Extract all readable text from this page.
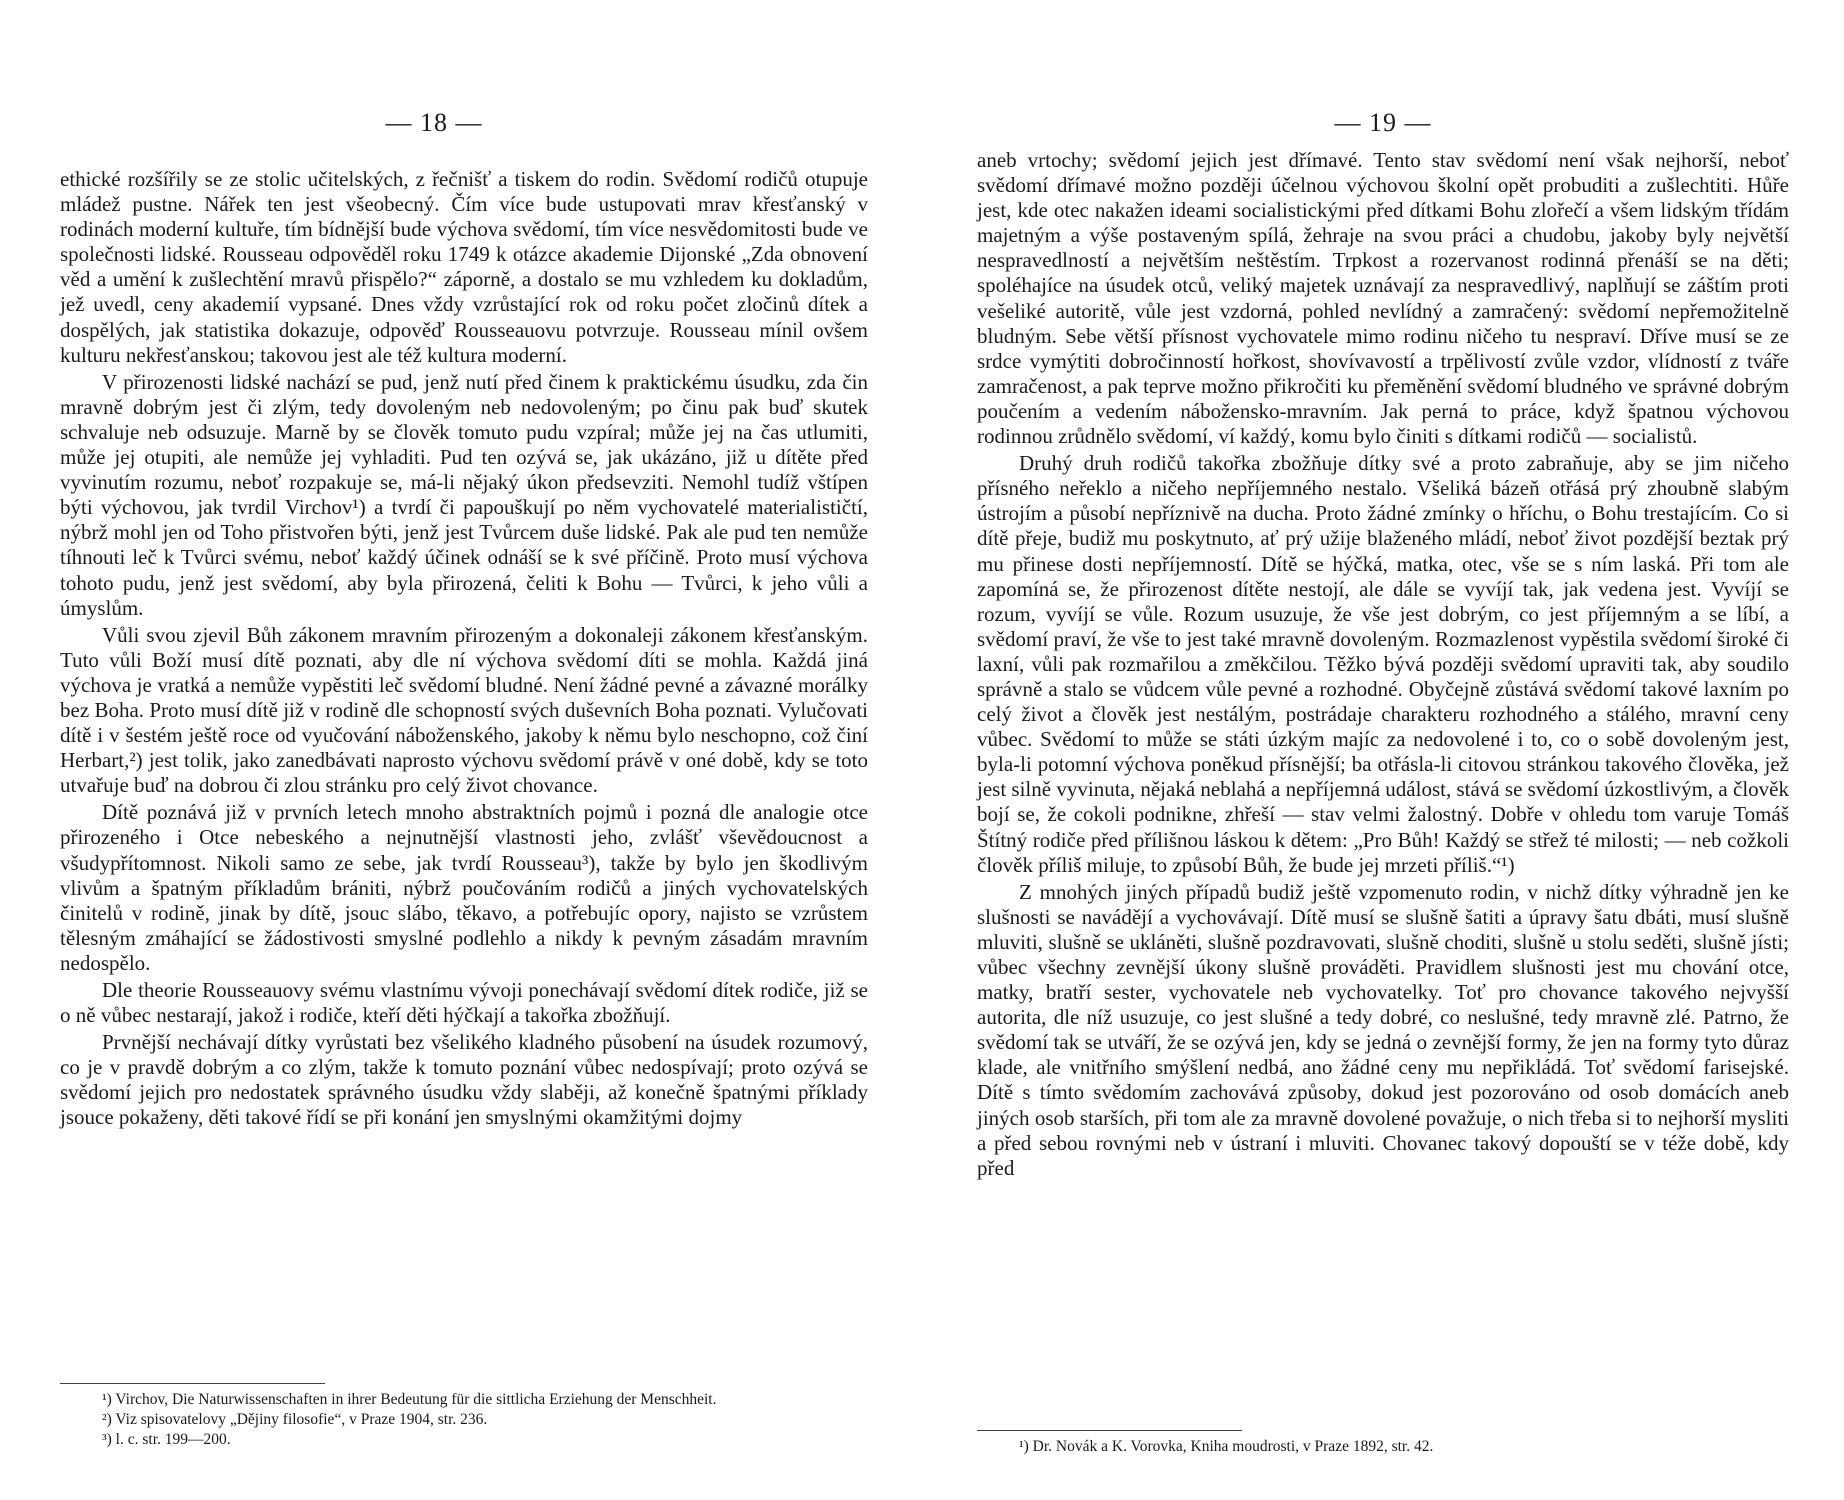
— 18 —

ethické rozšířily se ze stolic učitelských, z řečnišť a tiskem do rodin. Svědomí rodičů otupuje mládež pustne. Nářek ten jest všeobecný. Čím více bude ustupovati mrav křesťanský v rodinách moderní kultuře, tím bídnější bude výchova svědomí, tím více nesvědomitosti bude ve společnosti lidské. Rousseau odpověděl roku 1749 k otázce akademie Dijonské „Zda obnovení věd a umění k zušlechtění mravů přispělo?“ záporně, a dostalo se mu vzhledem ku dokladům, jež uvedl, ceny akademií vypsané. Dnes vždy vzrůstající rok od roku počet zločinů dítek a dospělých, jak statistika dokazuje, odpověď Rousseauovu potvrzuje. Rousseau mínil ovšem kulturu nekřesťanskou; takovou jest ale též kultura moderní.

V přirozenosti lidské nachází se pud, jenž nutí před činem k praktickému úsudku, zda čin mravně dobrým jest či zlým, tedy dovoleným neb nedovoleným; po činu pak buď skutek schvaluje neb odsuzuje. Marně by se člověk tomuto pudu vzpíral; může jej na čas utlumiti, může jej otupiti, ale nemůže jej vyhladiti. Pud ten ozývá se, jak ukázáno, již u dítěte před vyvinutím rozumu, neboť rozpakuje se, má-li nějaký úkon předsevziti. Nemohl tudíž vštípen býti výchovou, jak tvrdil Virchov¹) a tvrdí či papouškují po něm vychovatelé materialističtí, nýbrž mohl jen od Toho přistvořen býti, jenž jest Tvůrcem duše lidské. Pak ale pud ten nemůže tíhnouti leč k Tvůrci svému, neboť každý účinek odnáší se k své příčině. Proto musí výchova tohoto pudu, jenž jest svědomí, aby byla přirozená, čeliti k Bohu — Tvůrci, k jeho vůli a úmyslům.

Vůli svou zjevil Bůh zákonem mravním přirozeným a dokonaleji zákonem křesťanským. Tuto vůli Boží musí dítě poznati, aby dle ní výchova svědomí díti se mohla. Každá jiná výchova je vratká a nemůže vypěstiti leč svědomí bludné. Není žádné pevné a závazné morálky bez Boha. Proto musí dítě již v rodině dle schopností svých duševních Boha poznati. Vylučovati dítě i v šestém ještě roce od vyučování náboženského, jakoby k němu bylo neschopno, což činí Herbart,²) jest tolik, jako zanedbávati naprosto výchovu svědomí právě v oné době, kdy se toto utvařuje buď na dobrou či zlou stránku pro celý život chovance.

Dítě poznává již v prvních letech mnoho abstraktních pojmů i pozná dle analogie otce přirozeného i Otce nebeského a nejnutnější vlastnosti jeho, zvlášť vševědoucnost a všudypřítomnost. Nikoli samo ze sebe, jak tvrdí Rousseau³), takže by bylo jen škodlivým vlivům a špatným příkladům brániti, nýbrž poučováním rodičů a jiných vychovatelských činitelů v rodině, jinak by dítě, jsouc slábo, těkavo, a potřebujíc opory, najisto se vzrůstem tělesným zmáhající se žádostivosti smyslné podlehlo a nikdy k pevným zásadám mravním nedospělo.

Dle theorie Rousseauovy svému vlastnímu vývoji ponechávají svědomí dítek rodiče, již se o ně vůbec nestarají, jakož i rodiče, kteří děti hýčkají a takořka zbožňují.

Prvnější nechávají dítky vyrůstati bez všelikého kladného působení na úsudek rozumový, co je v pravdě dobrým a co zlým, takže k tomuto poznání vůbec nedospívají; proto ozývá se svědomí jejich pro nedostatek správného úsudku vždy slaběji, až konečně špatnými příklady jsouce pokaženy, děti takové řídí se při konání jen smyslnými okamžitými dojmy

¹) Virchov, Die Naturwissenschaften in ihrer Bedeutung für die sittlicha Erziehung der Menschheit.

²) Viz spisovatelovy „Dějiny filosofie“, v Praze 1904, str. 236.

³) l. c. str. 199—200.

— 19 —

aneb vrtochy; svědomí jejich jest dřímavé. Tento stav svědomí není však nejhorší, neboť svědomí dřímavé možno později účelnou výchovou školní opět probuditi a zušlechtiti. Hůře jest, kde otec nakažen ideami socialistickými před dítkami Bohu zlořečí a všem lidským třídám majetným a výše postaveným spílá, žehraje na svou práci a chudobu, jakoby byly největší nespravedlností a největším neštěstím. Trpkost a rozervanost rodinná přenáší se na děti; spoléhajíce na úsudek otců, veliký majetek uznávají za nespravedlivý, naplňují se záštím proti vešeliké autoritě, vůle jest vzdorná, pohled nevlídný a zamračený: svědomí nepřemožitelně bludným. Sebe větší přísnost vychovatele mimo rodinu ničeho tu nespraví. Dříve musí se ze srdce vymýtiti dobročinností hořkost, shovívavostí a trpělivostí zvůle vzdor, vlídností z tváře zamračenost, a pak teprve možno přikročiti ku přeměnění svědomí bludného ve správné dobrým poučením a vedením nábožensko-mravním. Jak perná to práce, když špatnou výchovou rodinnou zrůdnělo svědomí, ví každý, komu bylo činiti s dítkami rodičů — socialistů.

Druhý druh rodičů takořka zbožňuje dítky své a proto zabraňuje, aby se jim ničeho přísného neřeklo a ničeho nepříjemného nestalo. Všeliká bázeň otřásá prý zhoubně slabým ústrojím a působí nepříznivě na ducha. Proto žádné zmínky o hříchu, o Bohu trestajícím. Co si dítě přeje, budiž mu poskytnuto, ať prý užije blaženého mládí, neboť život pozdější beztak prý mu přinese dosti nepříjemností. Dítě se hýčká, matka, otec, vše se s ním laská. Při tom ale zapomíná se, že přirozenost dítěte nestojí, ale dále se vyvíjí tak, jak vedena jest. Vyvíjí se rozum, vyvíjí se vůle. Rozum usuzuje, že vše jest dobrým, co jest příjemným a se líbí, a svědomí praví, že vše to jest také mravně dovoleným. Rozmazlenost vypěstila svědomí široké či laxní, vůli pak rozmařilou a změkčilou. Těžko bývá později svědomí upraviti tak, aby soudilo správně a stalo se vůdcem vůle pevné a rozhodné. Obyčejně zůstává svědomí takové laxním po celý život a člověk jest nestálým, postrádaje charakteru rozhodného a stálého, mravní ceny vůbec. Svědomí to může se státi úzkým majíc za nedovolené i to, co o sobě dovoleným jest, byla-li potomní výchova poněkud přísnější; ba otřásla-li citovou stránkou takového člověka, jež jest silně vyvinuta, nějaká neblahá a nepříjemná událost, stává se svědomí úzkostlivým, a člověk bojí se, že cokoli podnikne, zhřeší — stav velmi žalostný. Dobře v ohledu tom varuje Tomáš Štítný rodiče před přílišnou láskou k dětem: „Pro Bůh! Každý se střež té milosti; — neb cožkoli člověk příliš miluje, to způsobí Bůh, že bude jej mrzeti příliš.“¹)

Z mnohých jiných případů budiž ještě vzpomenuto rodin, v nichž dítky výhradně jen ke slušnosti se navádějí a vychovávají. Dítě musí se slušně šatiti a úpravy šatu dbáti, musí slušně mluviti, slušně se ukláněti, slušně pozdravovati, slušně choditi, slušně u stolu seděti, slušně jísti; vůbec všechny zevnější úkony slušně prováděti. Pravidlem slušnosti jest mu chování otce, matky, bratří sester, vychovatele neb vychovatelky. Toť pro chovance takového nejvyšší autorita, dle níž usuzuje, co jest slušné a tedy dobré, co neslušné, tedy mravně zlé. Patrno, že svědomí tak se utváří, že se ozývá jen, kdy se jedná o zevnější formy, že jen na formy tyto důraz klade, ale vnitřního smýšlení nedbá, ano žádné ceny mu nepřikládá. Toť svědomí farisejské. Dítě s tímto svědomím zachovává způsoby, dokud jest pozorováno od osob domácích aneb jiných osob starších, při tom ale za mravně dovolené považuje, o nich třeba si to nejhorší mysliti a před sebou rovnými neb v ústraní i mluviti. Chovanec takový dopouští se v téže době, kdy před

¹) Dr. Novák a K. Vorovka, Kniha moudrosti, v Praze 1892, str. 42.
